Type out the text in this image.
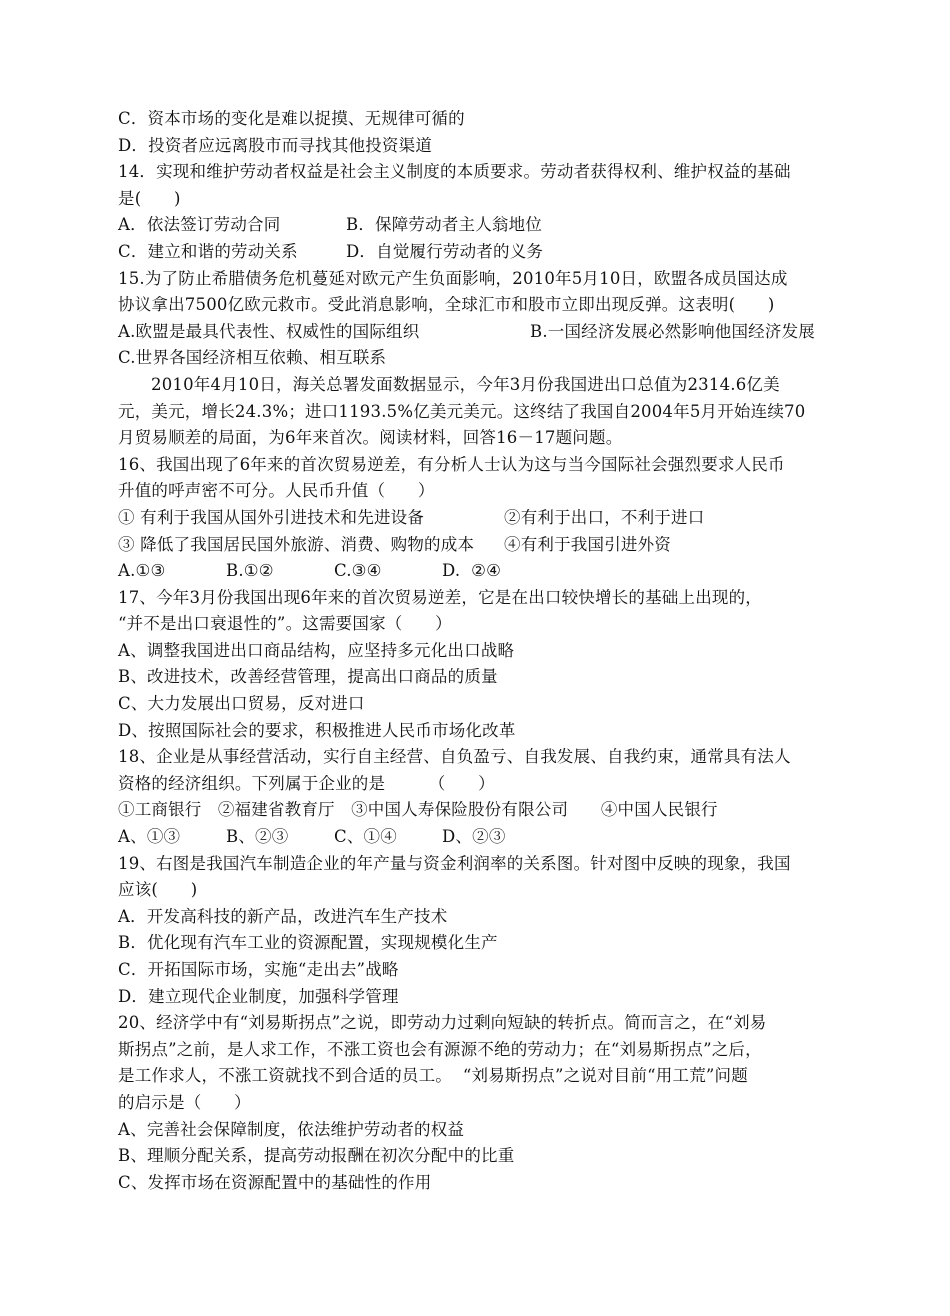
C．资本市场的变化是难以捉摸、无规律可循的
D．投资者应远离股市而寻找其他投资渠道
14．实现和维护劳动者权益是社会主义制度的本质要求。劳动者获得权利、维护权益的基础
是(      )
A．依法签订劳动合同	B．保障劳动者主人翁地位
C．建立和谐的劳动关系	D．自觉履行劳动者的义务
15.为了防止希腊债务危机蔓延对欧元产生负面影响，2010年5月10日，欧盟各成员国达成
协议拿出7500亿欧元救市。受此消息影响，全球汇市和股市立即出现反弹。这表明(      )
A.欧盟是最具代表性、权威性的国际组织	B.一国经济发展必然影响他国经济发展
C.世界各国经济相互依赖、相互联系
2010年4月10日，海关总署发面数据显示，今年3月份我国进出口总值为2314.6亿美
元，美元，增长24.3%；进口1193.5%亿美元美元。这终结了我国自2004年5月开始连续70
月贸易顺差的局面，为6年来首次。阅读材料，回答16－17题问题。
16、我国出现了6年来的首次贸易逆差，有分析人士认为这与当今国际社会强烈要求人民币
升值的呼声密不可分。人民币升值（      ）
① 有利于我国从国外引进技术和先进设备	②有利于出口，不利于进口
③ 降低了我国居民国外旅游、消费、购物的成本	④有利于我国引进外资
A.①③	B.①②	C.③④	D.  ②④
17、今年3月份我国出现6年来的首次贸易逆差，它是在出口较快增长的基础上出现的，
“并不是出口衰退性的”。这需要国家（      ）
A、调整我国进出口商品结构，应坚持多元化出口战略
B、改进技术，改善经营管理，提高出口商品的质量
C、大力发展出口贸易，反对进口
D、按照国际社会的要求，积极推进人民币市场化改革
18、企业是从事经营活动，实行自主经营、自负盈亏、自我发展、自我约束，通常具有法人
资格的经济组织。下列属于企业的是        （      ）
①工商银行   ②福建省教育厅   ③中国人寿保险股份有限公司      ④中国人民银行
A、①③	B、②③	C、①④	D、②③
19、右图是我国汽车制造企业的年产量与资金利润率的关系图。针对图中反映的现象，我国
应该(      )
A．开发高科技的新产品，改进汽车生产技术
B．优化现有汽车工业的资源配置，实现规模化生产
C．开拓国际市场，实施“走出去”战略
D．建立现代企业制度，加强科学管理
20、经济学中有“刘易斯拐点”之说，即劳动力过剩向短缺的转折点。简而言之，在“刘易
斯拐点”之前，是人求工作，不涨工资也会有源源不绝的劳动力；在“刘易斯拐点”之后，
是工作求人，不涨工资就找不到合适的员工。  “刘易斯拐点”之说对目前“用工荒”问题
的启示是（      ）
A、完善社会保障制度，依法维护劳动者的权益
B、理顺分配关系，提高劳动报酬在初次分配中的比重
C、发挥市场在资源配置中的基础性的作用
